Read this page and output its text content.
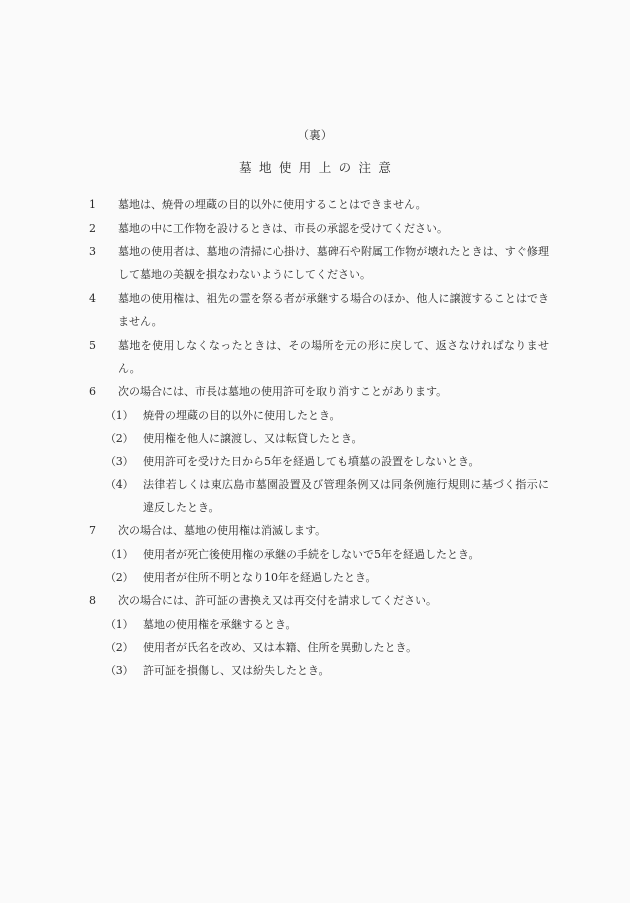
（裏）
墓地使用上の注意
1	墓地は、焼骨の埋蔵の目的以外に使用することはできません。
2	墓地の中に工作物を設けるときは、市長の承認を受けてください。
3	墓地の使用者は、墓地の清掃に心掛け、墓碑石や附属工作物が壊れたときは、すぐ修理して墓地の美観を損なわないようにしてください。
4	墓地の使用権は、祖先の霊を祭る者が承継する場合のほか、他人に譲渡することはできません。
5	墓地を使用しなくなったときは、その場所を元の形に戻して、返さなければなりません。
6	次の場合には、市長は墓地の使用許可を取り消すことがあります。
（1） 焼骨の埋蔵の目的以外に使用したとき。
（2） 使用権を他人に譲渡し、又は転貸したとき。
（3） 使用許可を受けた日から5年を経過しても墳墓の設置をしないとき。
（4） 法律若しくは東広島市墓園設置及び管理条例又は同条例施行規則に基づく指示に違反したとき。
7	次の場合は、墓地の使用権は消滅します。
（1） 使用者が死亡後使用権の承継の手続をしないで5年を経過したとき。
（2） 使用者が住所不明となり10年を経過したとき。
8	次の場合には、許可証の書換え又は再交付を請求してください。
（1） 墓地の使用権を承継するとき。
（2） 使用者が氏名を改め、又は本籍、住所を異動したとき。
（3） 許可証を損傷し、又は紛失したとき。
